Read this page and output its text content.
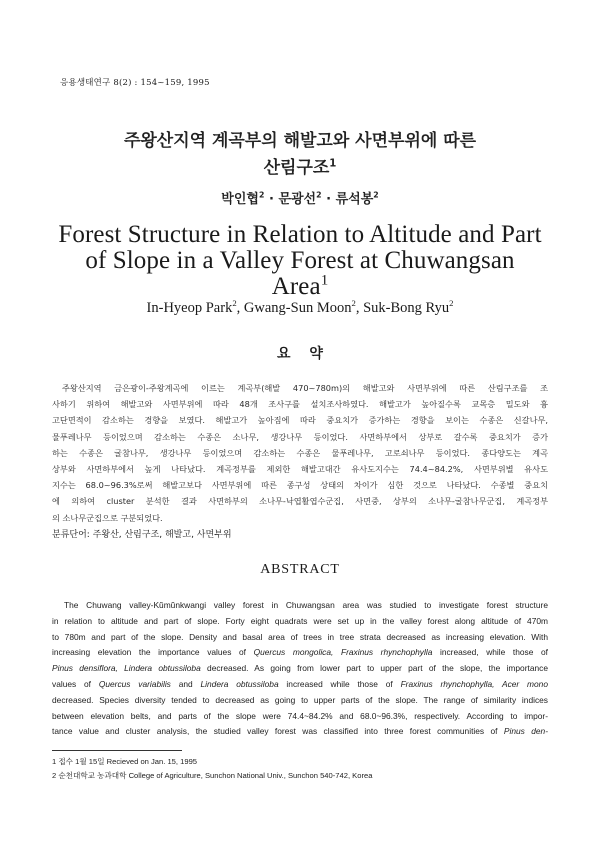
응용생태연구 8(2) : 154~159, 1995
주왕산지역 계곡부의 해발고와 사면부위에 따른
산림구조$^1$
박인협$^2$ · 문광선$^2$ · 류석봉$^2$
Forest Structure in Relation to Altitude and Part
of Slope in a Valley Forest at Chuwangsan
Area$^1$
In-Hyeop Park$^2$, Gwang-Sun Moon$^2$, Suk-Bong Ryu$^2$
요 약
주왕산지역 금은광이-주왕계곡에 이르는 계곡부(해발 470~780m)의 해발고와 사면부위에 따른 산림구조를 조
사하기 위하여 해발고와 사면부위에 따라 48개 조사구를 설치조사하였다. 해발고가 높아질수록 교목층 밀도와 흉
고단면적이 감소하는 경향을 보였다. 해발고가 높아짐에 따라 중요치가 증가하는 경향을 보이는 수종은 신갈나무,
물푸레나무 등이었으며 감소하는 수종은 소나무, 생강나무 등이었다. 사면하부에서 상부로 갈수록 중요치가 증가
하는 수종은 굴참나무, 생강나무 등이었으며 감소하는 수종은 물푸레나무, 고로쇠나무 등이었다. 종다양도는 계곡
상부와 사면하부에서 높게 나타났다. 계곡정부를 제외한 해발고대간 유사도지수는 74.4~84.2%, 사면부위별 유사도
지수는 68.0~96.3%로써 해발고보다 사면부위에 따른 종구성 상태의 차이가 심한 것으로 나타났다. 수종별 중요치
에 의하여 cluster 분석한 결과 사면하부의 소나무-낙엽활엽수군집, 사면중, 상부의 소나무-굴참나무군집, 계곡정부
의 소나무군집으로 구분되었다.
분류단어: 주왕산, 산림구조, 해발고, 사면부위
ABSTRACT
The Chuwang valley-Kŭmŭnkwangi valley forest in Chuwangsan area was studied to investigate forest structure
in relation to altitude and part of slope. Forty eight quadrats were set up in the valley forest along altitude of 470m
to 780m and part of the slope. Density and basal area of trees in tree strata decreased as increasing elevation. With
increasing elevation the importance values of Quercus mongolica, Fraxinus rhynchophylla increased, while those of
Pinus densiflora, Lindera obtussiloba decreased. As going from lower part to upper part of the slope, the importance
values of Quercus variabilis and Lindera obtussiloba increased while those of Fraxinus rhynchophylla, Acer mono
decreased. Species diversity tended to decreased as going to upper parts of the slope. The range of similarity indices
between elevation belts, and parts of the slope were 74.4~84.2% and 68.0~96.3%, respectively. According to impor-
tance value and cluster analysis, the studied valley forest was classified into three forest communities of Pinus den-
1 접수 1월 15일 Recieved on Jan. 15, 1995
2 순천대학교 농과대학 College of Agriculture, Sunchon National Univ., Sunchon 540-742, Korea
